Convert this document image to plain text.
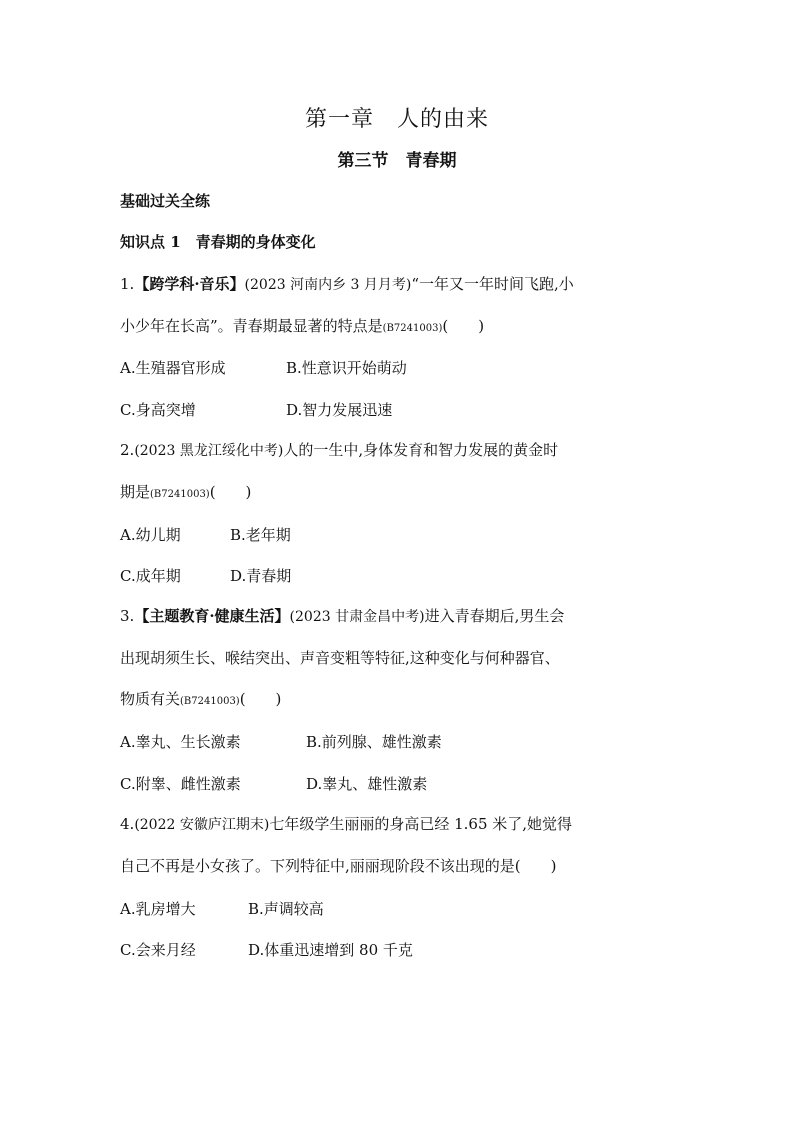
第一章　人的由来
第三节　青春期
基础过关全练
知识点 1　青春期的身体变化
1.【跨学科·音乐】(2023 河南内乡 3 月月考)“一年又一年时间飞跑,小
小少年在长高”。青春期最显著的特点是(B7241003)(　　)
A.生殖器官形成	B.性意识开始萌动
C.身高突增	D.智力发展迅速
2.(2023 黑龙江绥化中考)人的一生中,身体发育和智力发展的黄金时
期是(B7241003)(　　)
A.幼儿期	B.老年期
C.成年期	D.青春期
3.【主题教育·健康生活】(2023 甘肃金昌中考)进入青春期后,男生会
出现胡须生长、喉结突出、声音变粗等特征,这种变化与何种器官、
物质有关(B7241003)(　　)
A.睾丸、生长激素	B.前列腺、雄性激素
C.附睾、雌性激素	D.睾丸、雄性激素
4.(2022 安徽庐江期末)七年级学生丽丽的身高已经 1.65 米了,她觉得
自己不再是小女孩了。下列特征中,丽丽现阶段不该出现的是(　　)
A.乳房增大	B.声调较高
C.会来月经	D.体重迅速增到 80 千克
